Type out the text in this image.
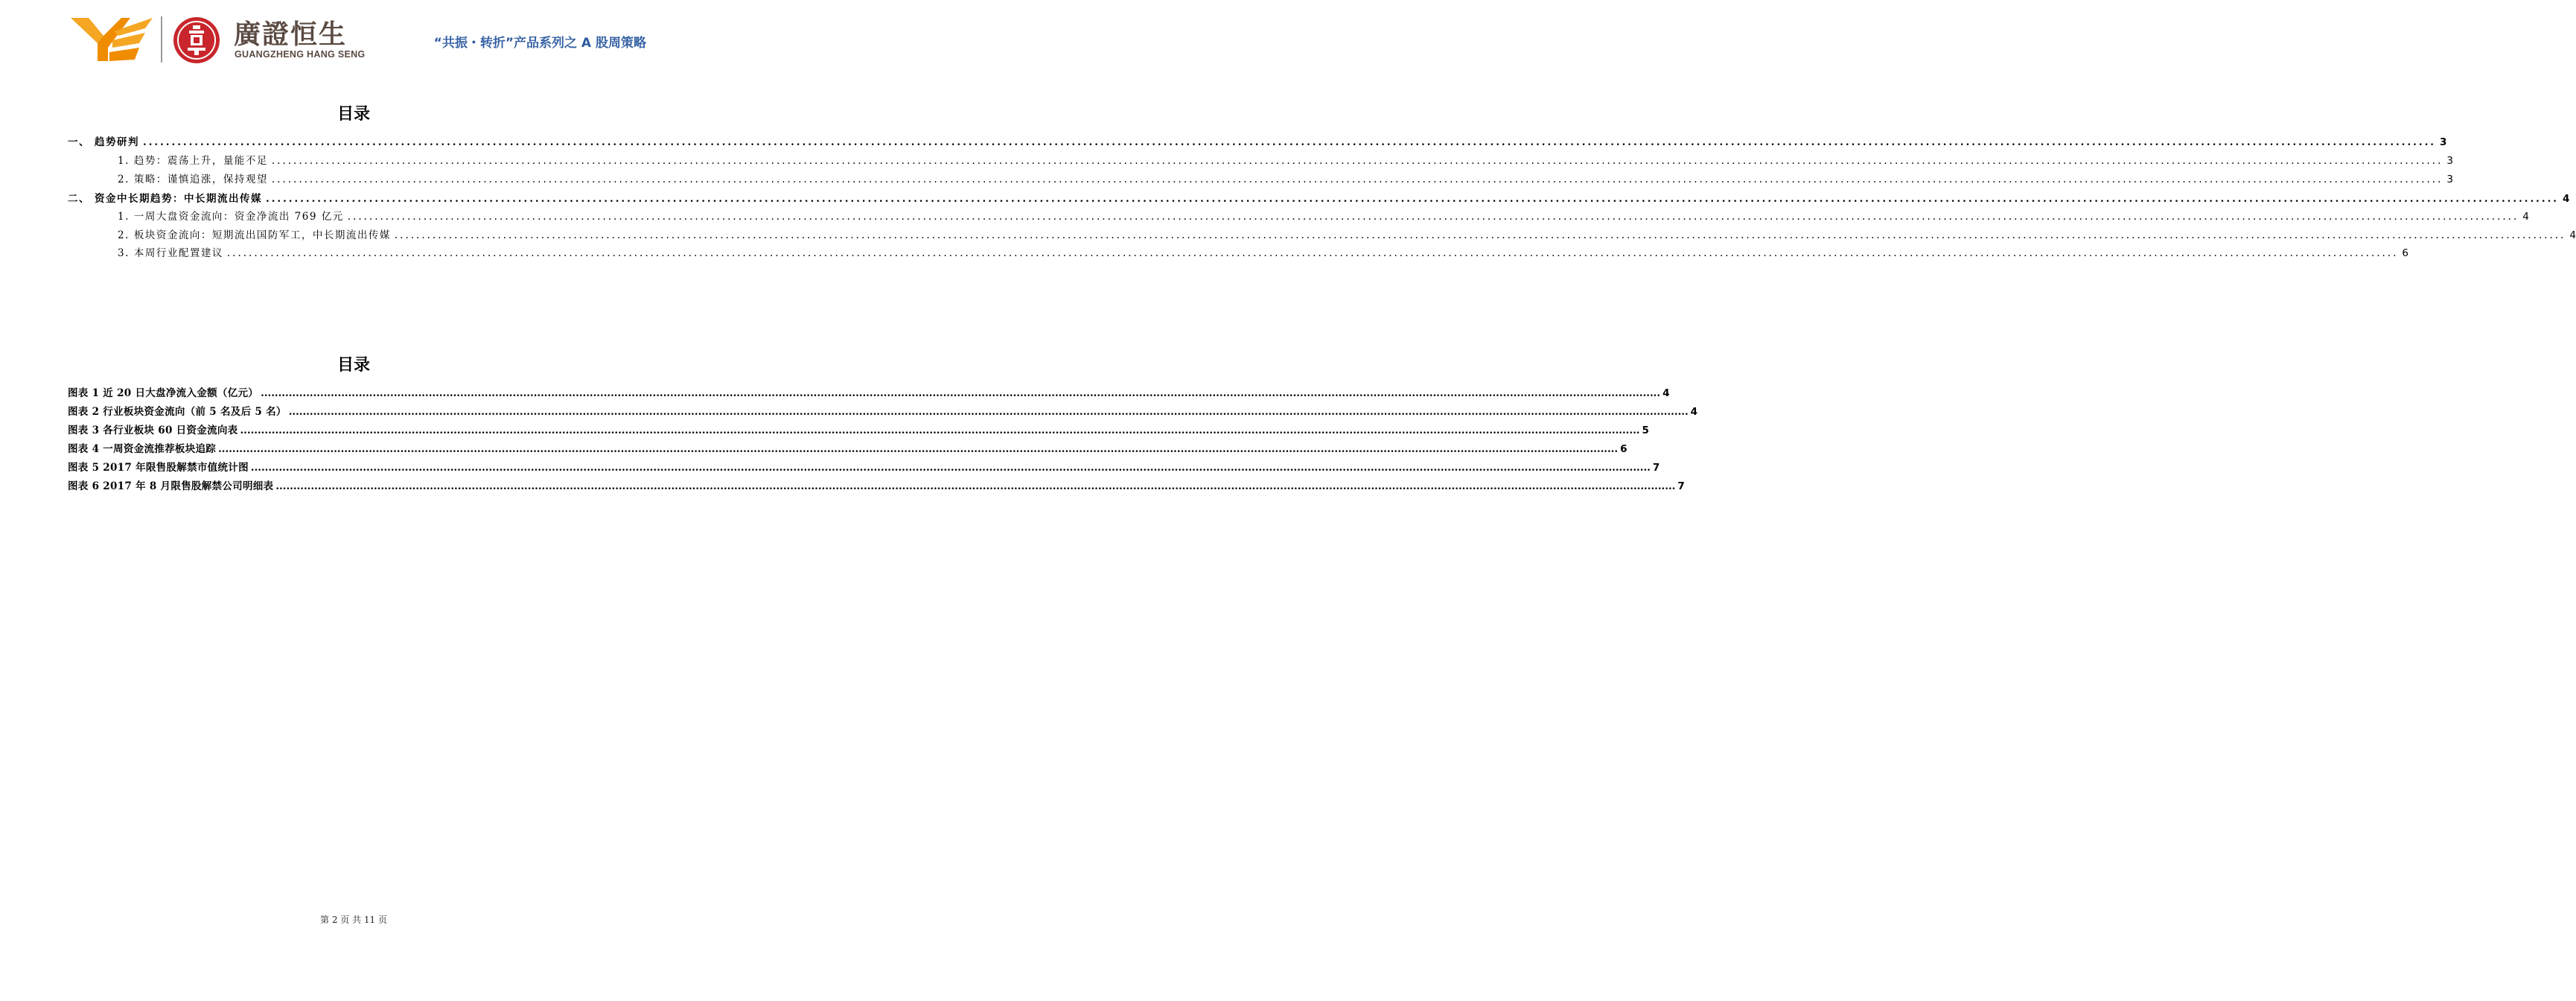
廣證恒生
GUANGZHENG HANG SENG
“共振・转折”产品系列之 A 股周策略
目录
一、 趋势研判 ................................................................................................................................................................................................................................................................................................................................................................................................................ 3
1. 趋势：震荡上升，量能不足 ................................................................................................................................................................................................................................................................................................................................................................................................................ 3
2. 策略：谨慎追涨，保持观望 ................................................................................................................................................................................................................................................................................................................................................................................................................ 3
二、 资金中长期趋势：中长期流出传媒 ................................................................................................................................................................................................................................................................................................................................................................................................................ 4
1. 一周大盘资金流向：资金净流出 769 亿元 ................................................................................................................................................................................................................................................................................................................................................................................................................ 4
2. 板块资金流向：短期流出国防军工，中长期流出传媒 ................................................................................................................................................................................................................................................................................................................................................................................................................ 4
3. 本周行业配置建议 ................................................................................................................................................................................................................................................................................................................................................................................................................ 6
目录
图表 1 近 20 日大盘净流入金额（亿元） ................................................................................................................................................................................................................................................................................................................................................................................................................ 4
图表 2 行业板块资金流向（前 5 名及后 5 名） ................................................................................................................................................................................................................................................................................................................................................................................................................ 4
图表 3 各行业板块 60 日资金流向表 ................................................................................................................................................................................................................................................................................................................................................................................................................ 5
图表 4 一周资金流推荐板块追踪 ................................................................................................................................................................................................................................................................................................................................................................................................................ 6
图表 5 2017 年限售股解禁市值统计图 ................................................................................................................................................................................................................................................................................................................................................................................................................ 7
图表 6 2017 年 8 月限售股解禁公司明细表 ................................................................................................................................................................................................................................................................................................................................................................................................................ 7
第 2 页 共 11 页
